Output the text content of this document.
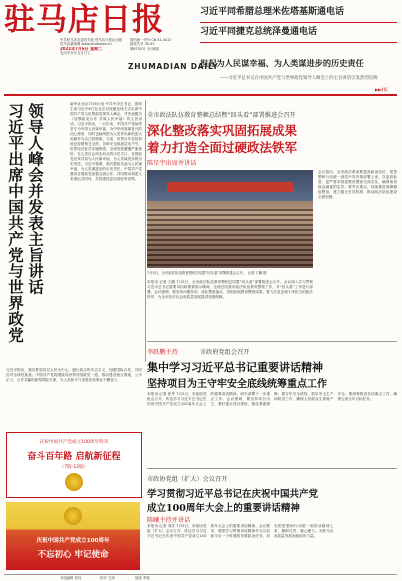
驻马店日报
中共驻马店市委机关报 驻马店日报社出版
驻马店新闻网 www.zmdnews.cn
2021年7月6日 星期二
农历辛丑年五月廿七
国内统一刊号 CN 41-0017
邮发代号 35-53
第8752号 今日8版
ZHUMADIAN DAILY
习近平同希腊总理米佐塔基斯通电话
习近平同捷克总统泽曼通电话
担起为人民谋幸福、为人类谋进步的历史责任
——习近平总书记在中国共产党与世界政党领导人峰会上的主旨讲话引发热烈反响
▶▶4版
习近平出席中国共产党与世界政党 领导人峰会并发表主旨讲话	新华社北京7月6日电 中共中央总书记、国家主席习近平6日在北京以视频连线方式出席中国共产党与世界政党领导人峰会，并发表题为《加强政党合作 共谋人民幸福》的主旨讲话。习近平指出，一百年来，中国共产党始终坚守为中国人民谋幸福、为中华民族谋复兴的初心使命，同时也始终把为人类作出新的更大贡献作为自己的使命。当前，世界百年变局和世纪疫情相互交织，各种安全挑战层出不穷，世界经济复苏步履维艰，全球发展遭遇严重挫折。在人类社会何去何从的历史关口，各国政党应该共担为人民谋幸福、为人类谋进步的历史责任。习近平强调，我们要担负起为人民谋幸福、为人类谋进步的历史责任。中国共产党愿同各国政党加强交流合作，共同推动构建人类命运共同体，共同建设更加美好的世界。
习近平指出，我们要坚持以人民为中心，践行真正的多边主义，加强国际合作，共同应对全球性挑战。中国共产党将继续同世界各国政党一道，推动建设相互尊重、公平正义、合作共赢的新型国际关系，为人类和平与发展崇高事业不懈奋斗。
全市政法队伍教育整顿总结暨“回头看”部署推进会召开
深化整改落实巩固拓展成果
着力打造全面过硬政法铁军
陈星宇出席并讲话
7月5日，全市政法队伍教育整顿总结暨“回头看”部署推进会召开。 记者 王鹏 摄
会议指出，全市政法系统要提高政治站位，把思想和行动统一到党中央决策部署上来，以更高标准、更严要求推进教育整顿走深走实，确保取得群众满意的实效。要突出重点，持续推进顽瘴痼疾整治，建立健全长效机制，推动政法队伍建设全面加强。
本报讯 记者 王鹏 7月5日，全市政法队伍教育整顿总结暨“回头看”部署推进会召开。会议深入学习贯彻习近平总书记重要讲话和重要指示精神，全面总结我市政法队伍教育整顿工作，对“回头看”工作进行部署。会议强调，要坚持问题导向，深化整改落实，巩固拓展教育整顿成果，着力打造忠诚干净担当的政法铁军，为全市经济社会高质量发展提供坚强保障。
李跃鹏主持	市政府党组会召开
集中学习习近平总书记重要讲话精神
坚持项目为王守牢安全底线统筹重点工作
本报讯 记者 张华 7月5日，市政府党组会召开，传达学习习近平总书记在庆祝中国共产党成立100周年大会上的重要讲话精神，研究部署下一步重点工作。会议强调，要坚持项目为王，紧盯重点项目建设，强化要素保障；要守牢安全底线，抓好安全生产和防汛工作，确保人民群众生命财产安全；要统筹推进各项重点工作，确保完成全年目标任务。
市政协党组（扩大）会议召开
学习贯彻习近平总书记在庆祝中国共产党
成立100周年大会上的重要讲话精神
陈曦主持并讲话
本报讯 记者 刘洋 7月5日，市政协党组（扩大）会议召开，传达学习习近平总书记在庆祝中国共产党成立100周年大会上的重要讲话精神。会议要求，要把学习贯彻讲话精神作为当前和今后一个时期的首要政治任务，切实把思想和行动统一到讲话精神上来，履职尽责、凝心聚力，为驻马店高质量发展贡献政协力量。
庆祝中国共产党成立100周年特刊
奋斗百年路 启航新征程
（7版-12版）
庆祝中国共产党成立100周年
不忘初心 牢记使命
本版编辑 张伟	校对 王丽	组版 李强
